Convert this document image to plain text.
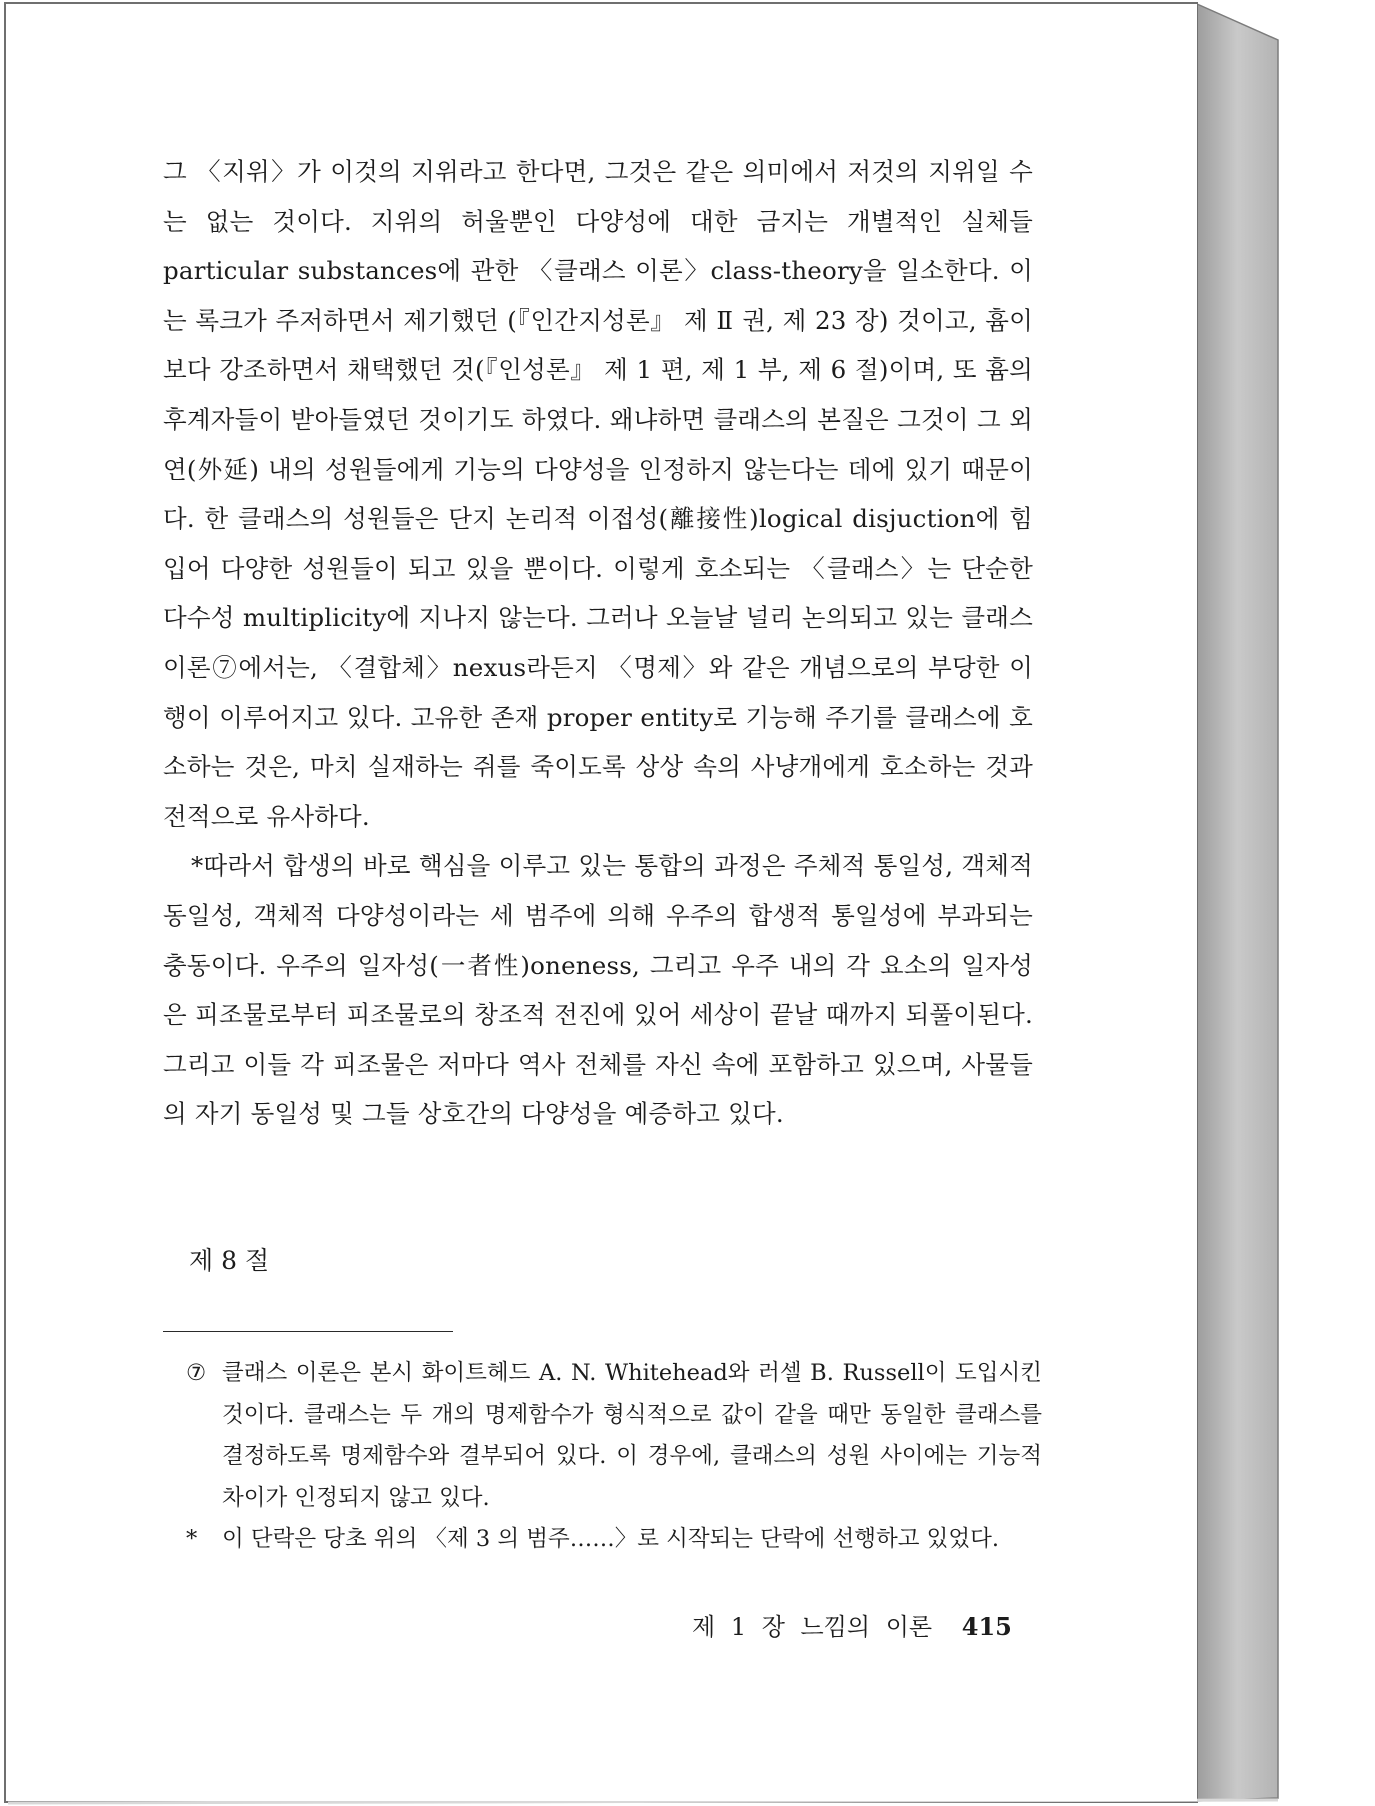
그 〈지위〉가 이것의 지위라고 한다면, 그것은 같은 의미에서 저것의 지위일 수는 없는 것이다. 지위의 허울뿐인 다양성에 대한 금지는 개별적인 실체들 particular substances에 관한 〈클래스 이론〉class-theory을 일소한다. 이는 록크가 주저하면서 제기했던 (『인간지성론』 제 Ⅱ 권, 제 23 장) 것이고, 흄이 보다 강조하면서 채택했던 것(『인성론』 제 1 편, 제 1 부, 제 6 절)이며, 또 흄의 후계자들이 받아들였던 것이기도 하였다. 왜냐하면 클래스의 본질은 그것이 그 외연(外延) 내의 성원들에게 기능의 다양성을 인정하지 않는다는 데에 있기 때문이다. 한 클래스의 성원들은 단지 논리적 이접성(離接性)logical disjuction에 힘입어 다양한 성원들이 되고 있을 뿐이다. 이렇게 호소되는 〈클래스〉는 단순한 다수성 multiplicity에 지나지 않는다. 그러나 오늘날 널리 논의되고 있는 클래스 이론⑦에서는, 〈결합체〉nexus라든지 〈명제〉와 같은 개념으로의 부당한 이행이 이루어지고 있다. 고유한 존재 proper entity로 기능해 주기를 클래스에 호소하는 것은, 마치 실재하는 쥐를 죽이도록 상상 속의 사냥개에게 호소하는 것과 전적으로 유사하다.

*따라서 합생의 바로 핵심을 이루고 있는 통합의 과정은 주체적 통일성, 객체적 동일성, 객체적 다양성이라는 세 범주에 의해 우주의 합생적 통일성에 부과되는 충동이다. 우주의 일자성(一者性)oneness, 그리고 우주 내의 각 요소의 일자성은 피조물로부터 피조물로의 창조적 전진에 있어 세상이 끝날 때까지 되풀이된다. 그리고 이들 각 피조물은 저마다 역사 전체를 자신 속에 포함하고 있으며, 사물들의 자기 동일성 및 그들 상호간의 다양성을 예증하고 있다.

제 8 절
⑦ 클래스 이론은 본시 화이트헤드 A. N. Whitehead와 러셀 B. Russell이 도입시킨 것이다. 클래스는 두 개의 명제함수가 형식적으로 값이 같을 때만 동일한 클래스를 결정하도록 명제함수와 결부되어 있다. 이 경우에, 클래스의 성원 사이에는 기능적 차이가 인정되지 않고 있다.
*	이 단락은 당초 위의 〈제 3 의 범주……〉로 시작되는 단락에 선행하고 있었다.
제 1 장 느낌의 이론 415
